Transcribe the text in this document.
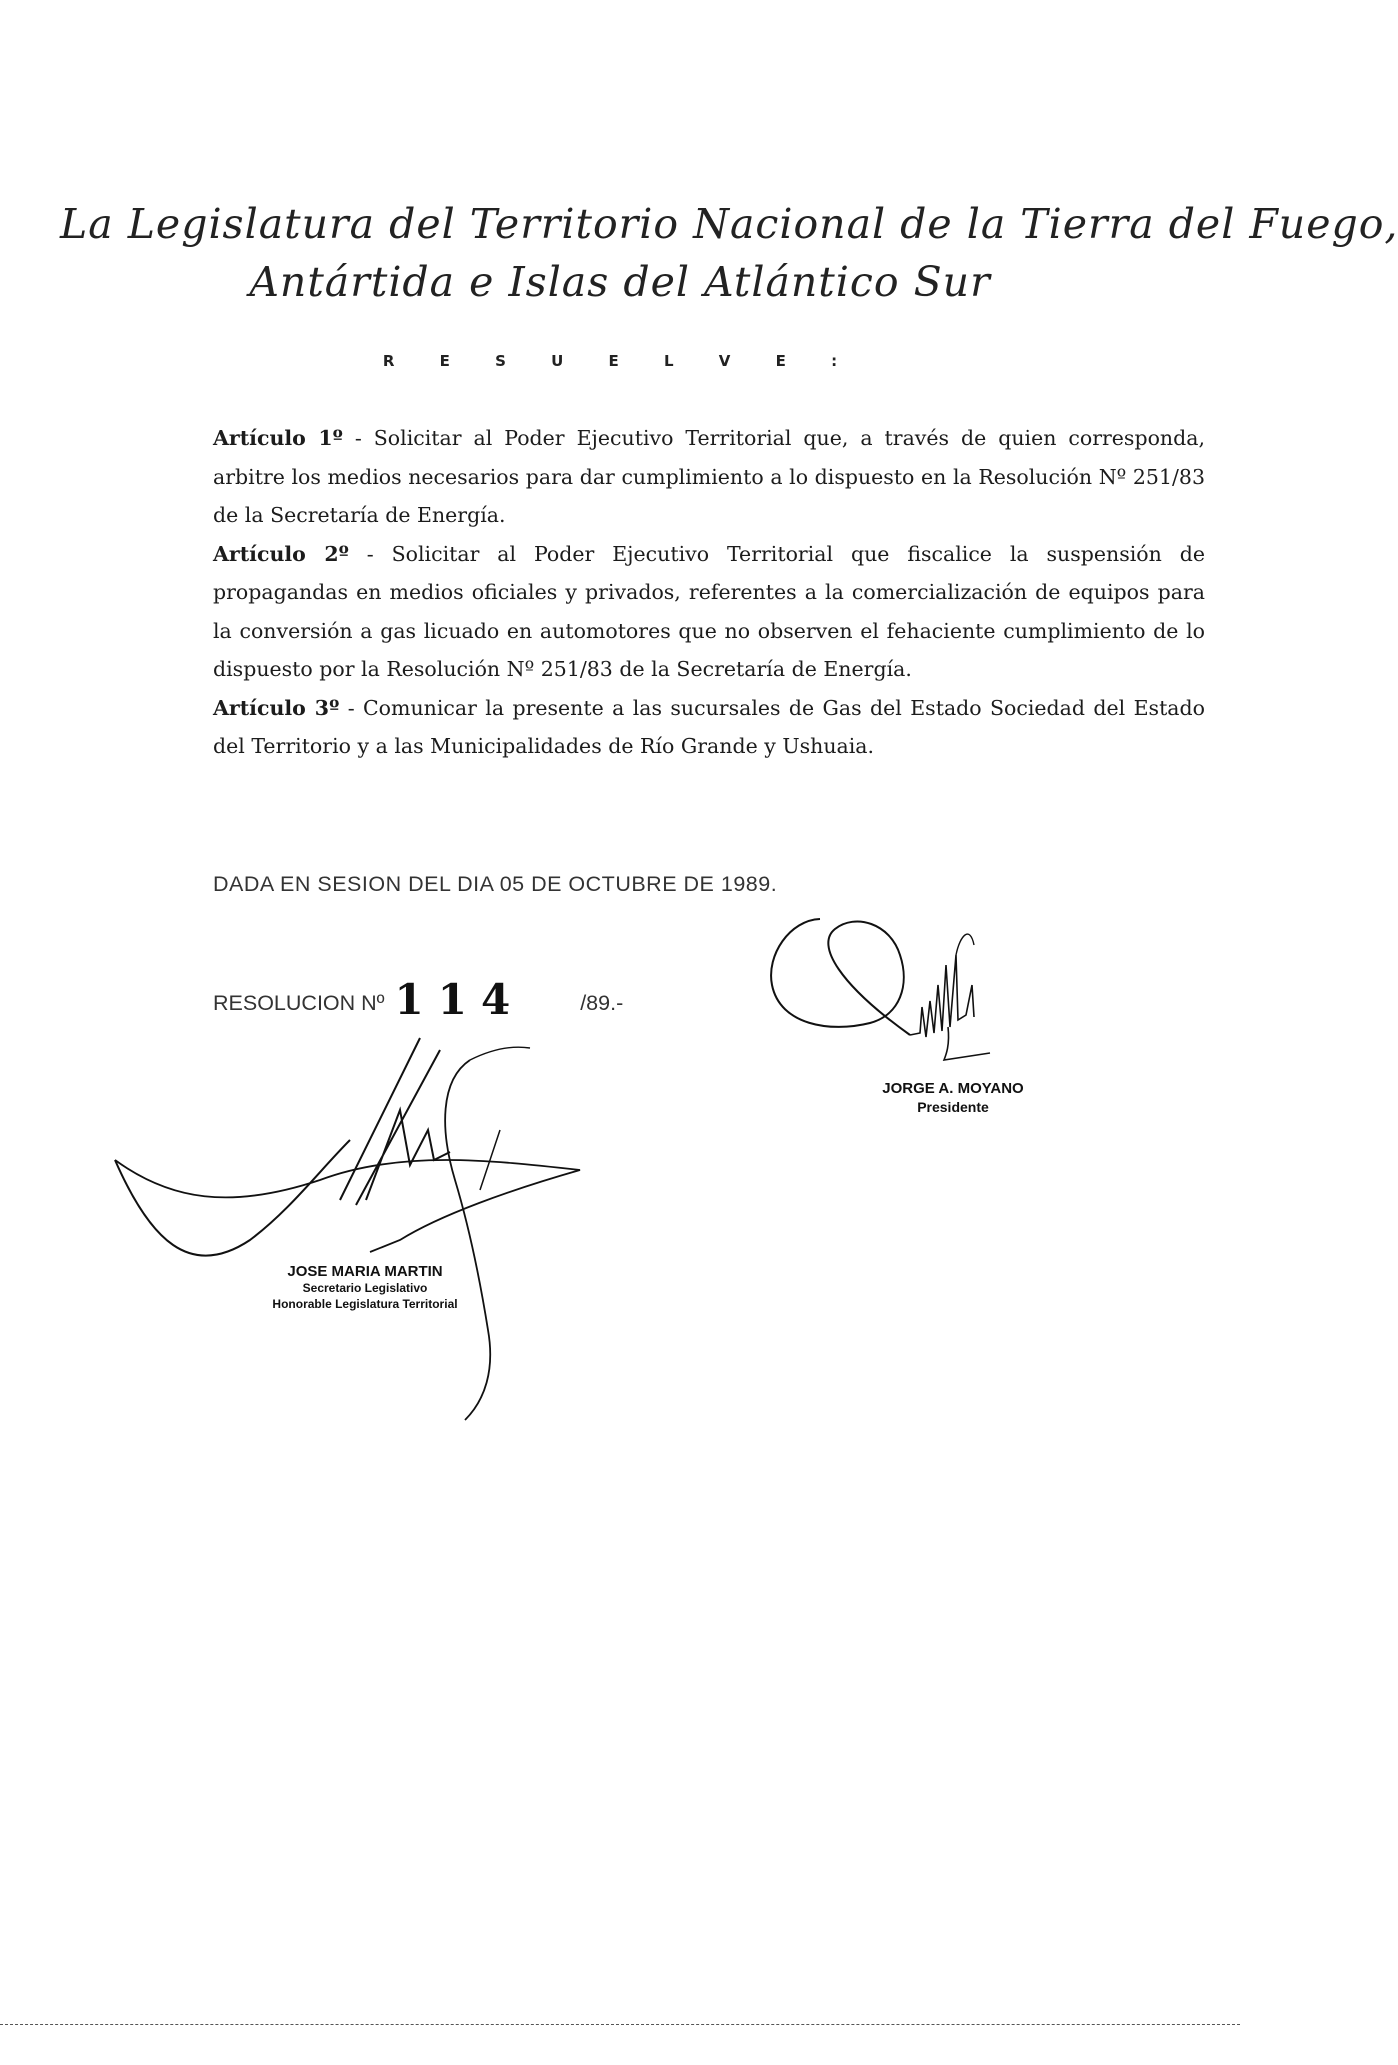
La Legislatura del Territorio Nacional de la Tierra del Fuego,
Antártida e Islas del Atlántico Sur
R E S U E L V E :

Artículo 1º - Solicitar al Poder Ejecutivo Territorial que, a través de quien corresponda, arbitre los medios necesarios para dar cumplimiento a lo dispuesto en la Resolución Nº 251/83 de la Secretaría de Energía.

Artículo 2º - Solicitar al Poder Ejecutivo Territorial que fiscalice la suspensión de propagandas en medios oficiales y privados, referentes a la comercialización de equipos para la conversión a gas licuado en automotores que no observen el fehaciente cumplimiento de lo dispuesto por la Resolución Nº 251/83 de la Secretaría de Energía.

Artículo 3º - Comunicar la presente a las sucursales de Gas del Estado Sociedad del Estado del Territorio y a las Municipalidades de Río Grande y Ushuaia.

DADA EN SESION DEL DIA 05 DE OCTUBRE DE 1989.
RESOLUCION Nº 114	/89.-
JORGE A. MOYANO
Presidente
JOSE MARIA MARTIN
Secretario Legislativo
Honorable Legislatura Territorial
